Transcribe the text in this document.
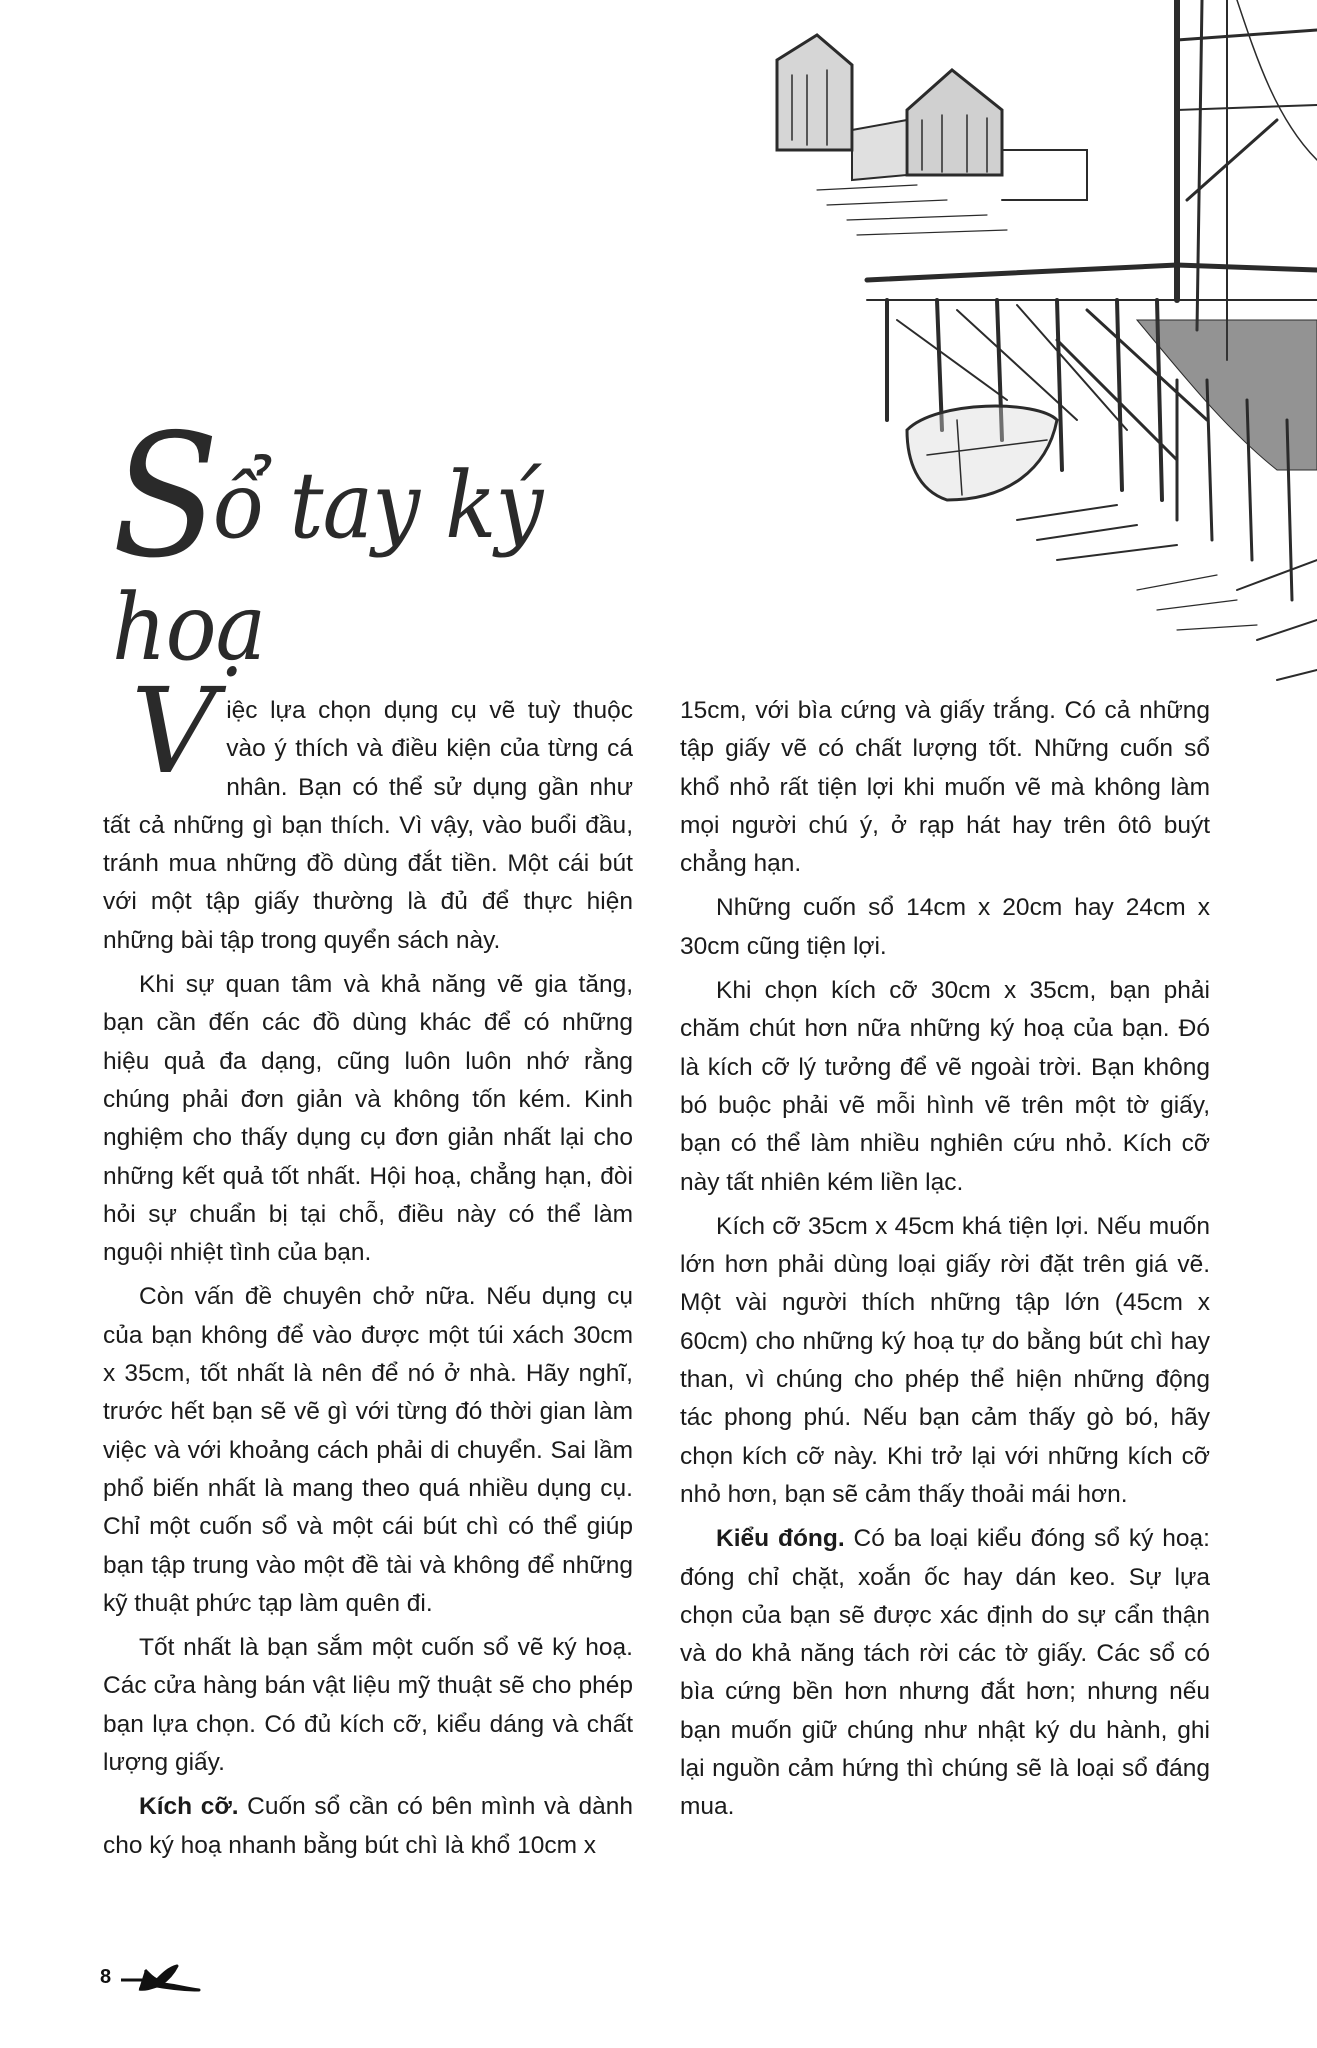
Sổ tay ký hoạ

Việc lựa chọn dụng cụ vẽ tuỳ thuộc vào ý thích và điều kiện của từng cá nhân. Bạn có thể sử dụng gần như tất cả những gì bạn thích. Vì vậy, vào buổi đầu, tránh mua những đồ dùng đắt tiền. Một cái bút với một tập giấy thường là đủ để thực hiện những bài tập trong quyển sách này.

Khi sự quan tâm và khả năng vẽ gia tăng, bạn cần đến các đồ dùng khác để có những hiệu quả đa dạng, cũng luôn luôn nhớ rằng chúng phải đơn giản và không tốn kém. Kinh nghiệm cho thấy dụng cụ đơn giản nhất lại cho những kết quả tốt nhất. Hội hoạ, chẳng hạn, đòi hỏi sự chuẩn bị tại chỗ, điều này có thể làm nguội nhiệt tình của bạn.

Còn vấn đề chuyên chở nữa. Nếu dụng cụ của bạn không để vào được một túi xách 30cm x 35cm, tốt nhất là nên để nó ở nhà. Hãy nghĩ, trước hết bạn sẽ vẽ gì với từng đó thời gian làm việc và với khoảng cách phải di chuyển. Sai lầm phổ biến nhất là mang theo quá nhiều dụng cụ. Chỉ một cuốn sổ và một cái bút chì có thể giúp bạn tập trung vào một đề tài và không để những kỹ thuật phức tạp làm quên đi.

Tốt nhất là bạn sắm một cuốn sổ vẽ ký hoạ. Các cửa hàng bán vật liệu mỹ thuật sẽ cho phép bạn lựa chọn. Có đủ kích cỡ, kiểu dáng và chất lượng giấy.

Kích cỡ. Cuốn sổ cần có bên mình và dành cho ký hoạ nhanh bằng bút chì là khổ 10cm x

15cm, với bìa cứng và giấy trắng. Có cả những tập giấy vẽ có chất lượng tốt. Những cuốn sổ khổ nhỏ rất tiện lợi khi muốn vẽ mà không làm mọi người chú ý, ở rạp hát hay trên ôtô buýt chẳng hạn.

Những cuốn sổ 14cm x 20cm hay 24cm x 30cm cũng tiện lợi.

Khi chọn kích cỡ 30cm x 35cm, bạn phải chăm chút hơn nữa những ký hoạ của bạn. Đó là kích cỡ lý tưởng để vẽ ngoài trời. Bạn không bó buộc phải vẽ mỗi hình vẽ trên một tờ giấy, bạn có thể làm nhiều nghiên cứu nhỏ. Kích cỡ này tất nhiên kém liền lạc.

Kích cỡ 35cm x 45cm khá tiện lợi. Nếu muốn lớn hơn phải dùng loại giấy rời đặt trên giá vẽ. Một vài người thích những tập lớn (45cm x 60cm) cho những ký hoạ tự do bằng bút chì hay than, vì chúng cho phép thể hiện những động tác phong phú. Nếu bạn cảm thấy gò bó, hãy chọn kích cỡ này. Khi trở lại với những kích cỡ nhỏ hơn, bạn sẽ cảm thấy thoải mái hơn.

Kiểu đóng. Có ba loại kiểu đóng sổ ký hoạ: đóng chỉ chặt, xoắn ốc hay dán keo. Sự lựa chọn của bạn sẽ được xác định do sự cẩn thận và do khả năng tách rời các tờ giấy. Các sổ có bìa cứng bền hơn nhưng đắt hơn; nhưng nếu bạn muốn giữ chúng như nhật ký du hành, ghi lại nguồn cảm hứng thì chúng sẽ là loại sổ đáng mua.

8
